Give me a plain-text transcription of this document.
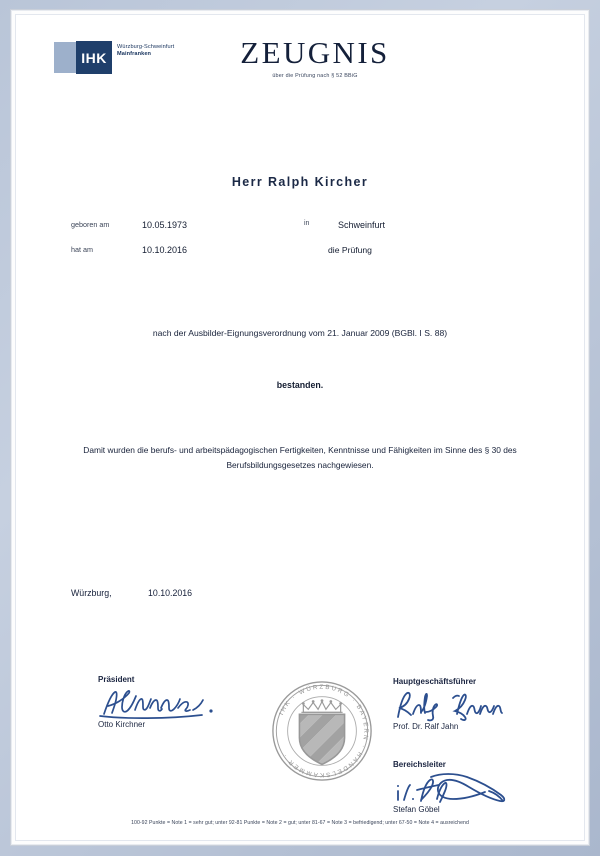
IHK
Würzburg-Schweinfurt
Mainfranken	ZEUGNIS
über die Prüfung nach § 52 BBiG
Herr Ralph Kircher
geboren am	10.05.1973	in	Schweinfurt
hat am	10.10.2016	die Prüfung
nach der Ausbilder-Eignungsverordnung vom 21. Januar 2009 (BGBl. I S. 88)
bestanden.
Damit wurden die berufs- und arbeitspädagogischen Fertigkeiten, Kenntnisse und Fähigkeiten im Sinne des § 30 des Berufsbildungsgesetzes nachgewiesen.
Würzburg,	10.10.2016
Präsident
Otto Kirchner
Hauptgeschäftsführer
Prof. Dr. Ralf Jahn
Bereichsleiter
Stefan Göbel
IHK · WÜRZBURG · BAYERN · HANDELSKAMMER ·
100-92 Punkte = Note 1 = sehr gut; unter 92-81 Punkte = Note 2 = gut; unter 81-67 = Note 3 = befriedigend; unter 67-50 = Note 4 = ausreichend
